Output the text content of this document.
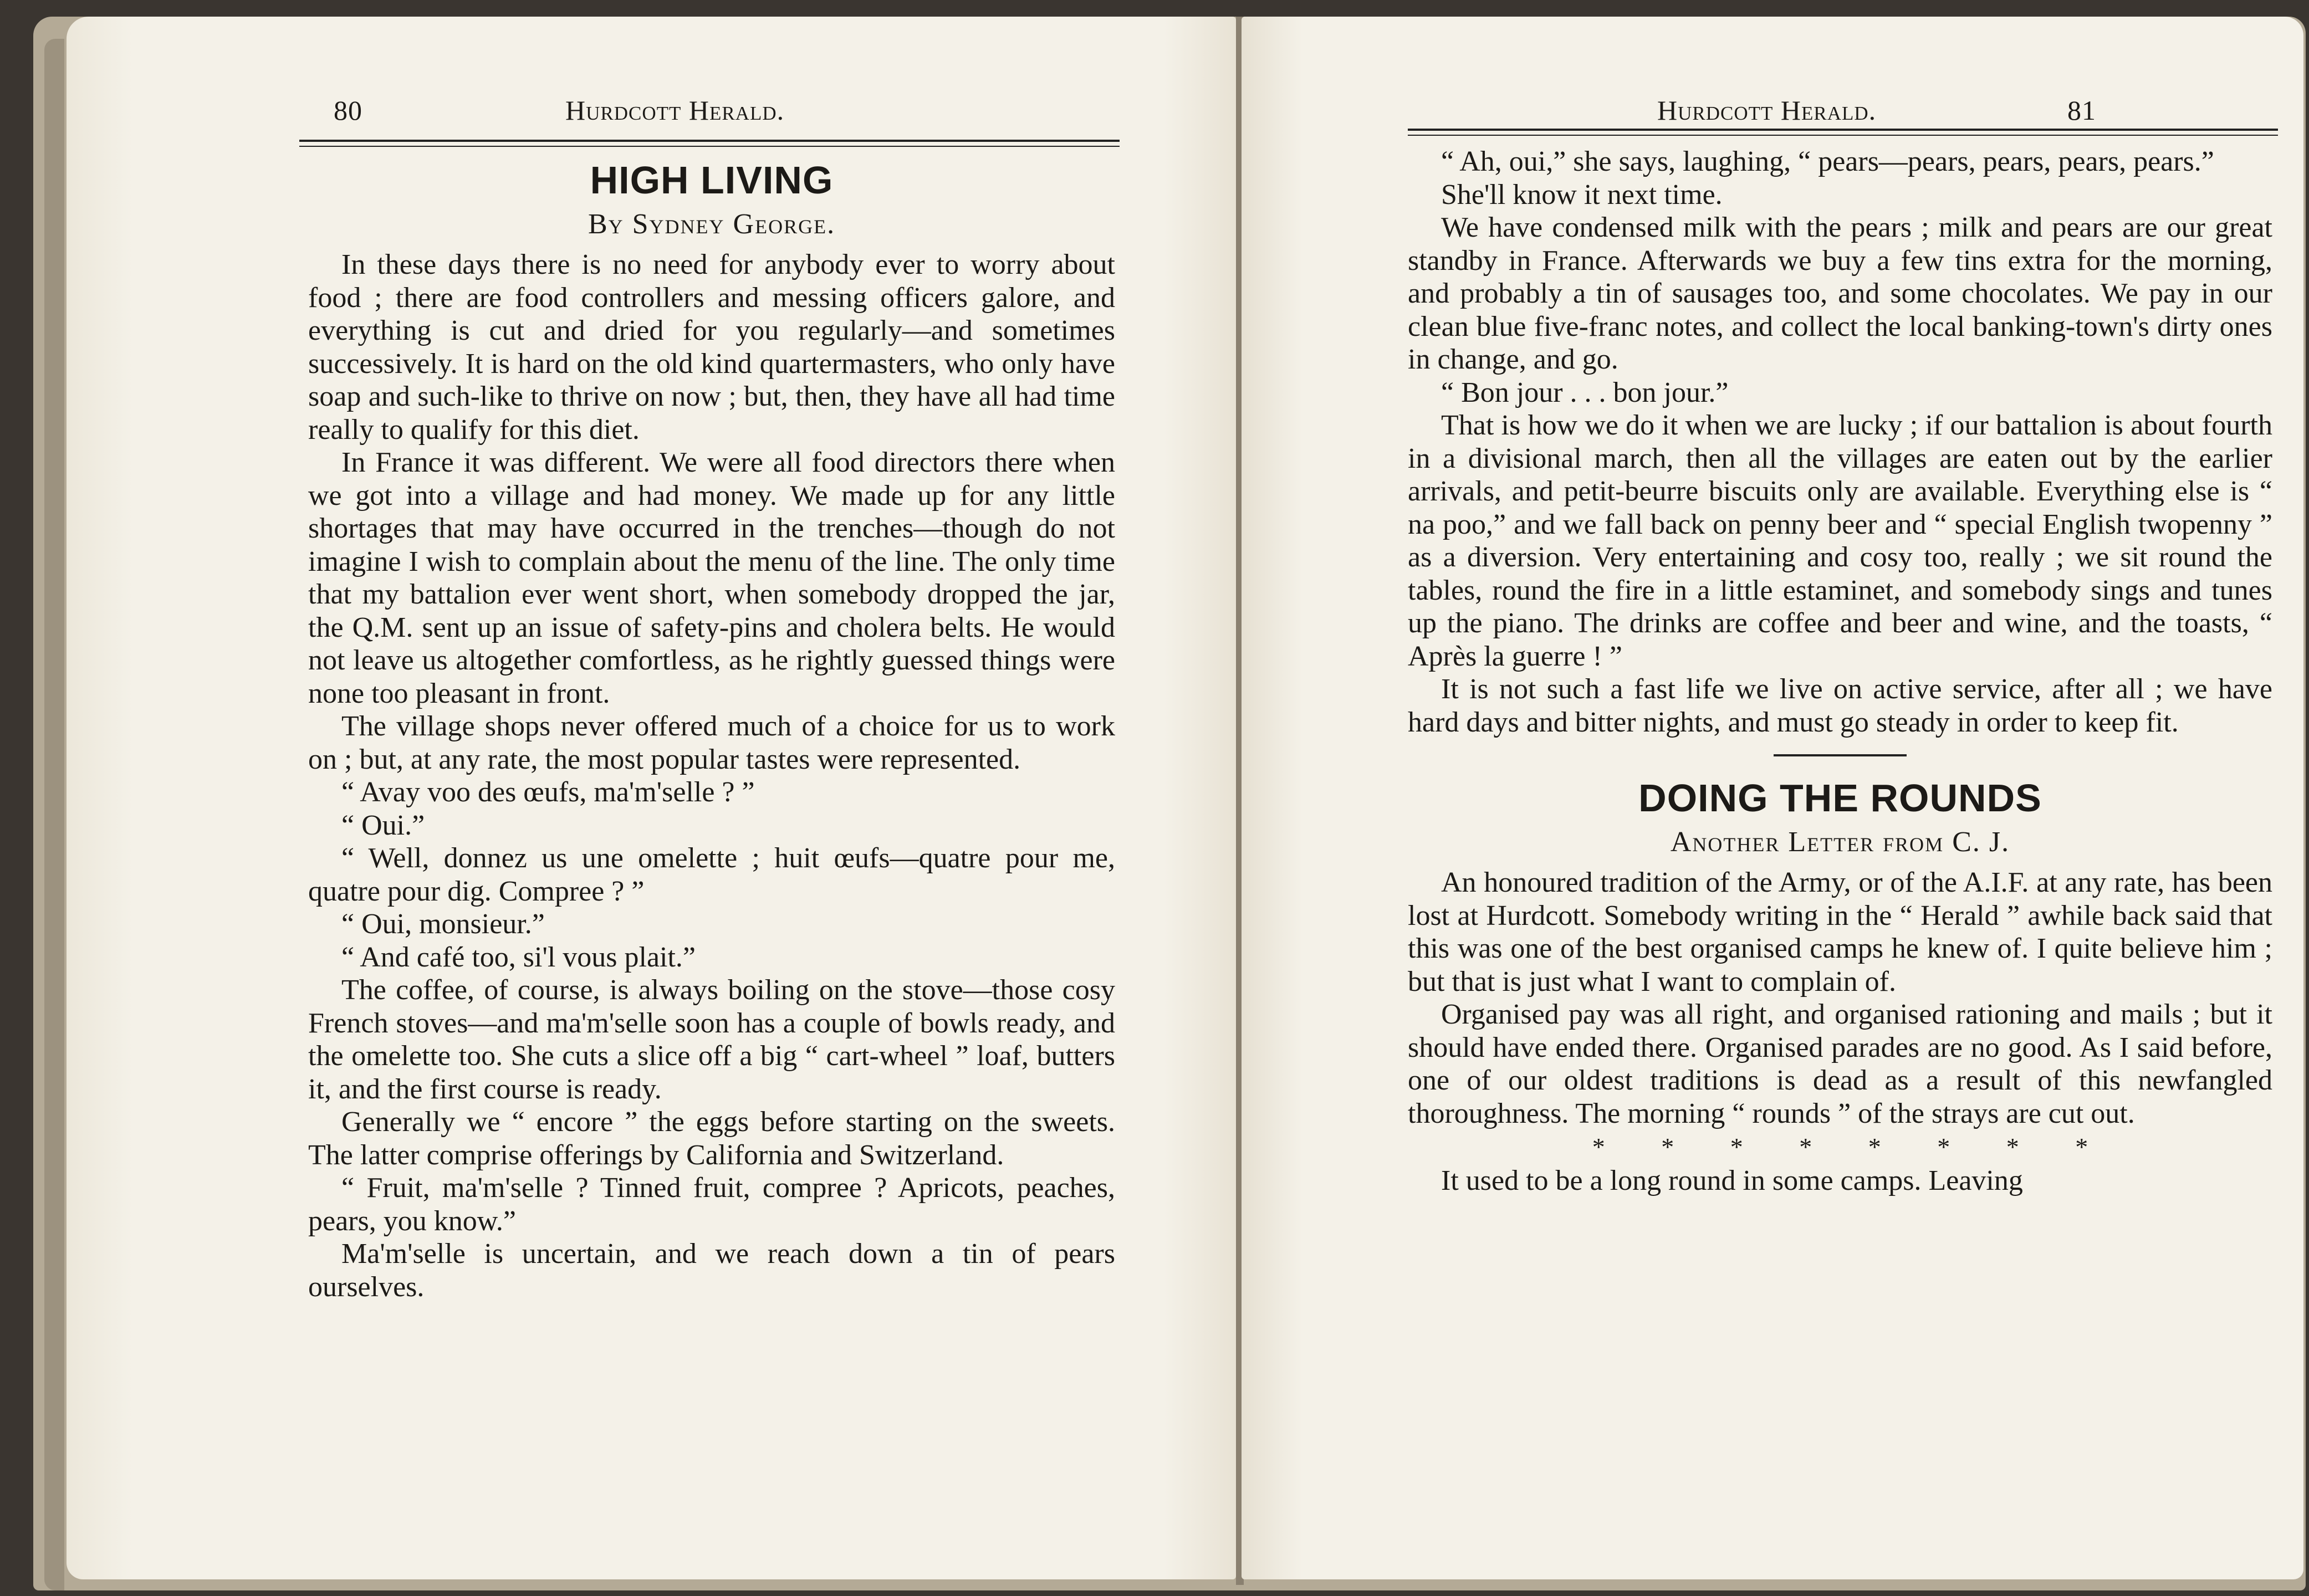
80	Hurdcott Herald.
HIGH LIVING
By Sydney George.

In these days there is no need for anybody ever to worry about food ; there are food controllers and messing officers galore, and everything is cut and dried for you regularly—and sometimes successively. It is hard on the old kind quartermasters, who only have soap and such-like to thrive on now ; but, then, they have all had time really to qualify for this diet.

In France it was different. We were all food directors there when we got into a village and had money. We made up for any little shortages that may have occurred in the trenches—though do not imagine I wish to complain about the menu of the line. The only time that my battalion ever went short, when somebody dropped the jar, the Q.M. sent up an issue of safety-pins and cholera belts. He would not leave us altogether comfortless, as he rightly guessed things were none too pleasant in front.

The village shops never offered much of a choice for us to work on ; but, at any rate, the most popular tastes were represented.

“ Avay voo des œufs, ma'm'selle ? ”

“ Oui.”

“ Well, donnez us une omelette ; huit œufs—quatre pour me, quatre pour dig. Compree ? ”

“ Oui, monsieur.”

“ And café too, si'l vous plait.”

The coffee, of course, is always boiling on the stove—those cosy French stoves—and ma'm'selle soon has a couple of bowls ready, and the omelette too. She cuts a slice off a big “ cart-wheel ” loaf, butters it, and the first course is ready.

Generally we “ encore ” the eggs before starting on the sweets. The latter comprise offerings by California and Switzerland.

“ Fruit, ma'm'selle ? Tinned fruit, compree ? Apricots, peaches, pears, you know.”

Ma'm'selle is uncertain, and we reach down a tin of pears ourselves.

Hurdcott Herald.	81

“ Ah, oui,” she says, laughing, “ pears—pears, pears, pears, pears.”

She'll know it next time.

We have condensed milk with the pears ; milk and pears are our great standby in France. Afterwards we buy a few tins extra for the morning, and probably a tin of sausages too, and some chocolates. We pay in our clean blue five-franc notes, and collect the local banking-town's dirty ones in change, and go.

“ Bon jour . . . bon jour.”

That is how we do it when we are lucky ; if our battalion is about fourth in a divisional march, then all the villages are eaten out by the earlier arrivals, and petit-beurre biscuits only are available. Everything else is “ na poo,” and we fall back on penny beer and “ special English twopenny ” as a diversion. Very entertaining and cosy too, really ; we sit round the tables, round the fire in a little estaminet, and somebody sings and tunes up the piano. The drinks are coffee and beer and wine, and the toasts, “ Après la guerre ! ”

It is not such a fast life we live on active service, after all ; we have hard days and bitter nights, and must go steady in order to keep fit.

DOING THE ROUNDS
Another Letter from C. J.

An honoured tradition of the Army, or of the A.I.F. at any rate, has been lost at Hurdcott. Somebody writing in the “ Herald ” awhile back said that this was one of the best organised camps he knew of. I quite believe him ; but that is just what I want to complain of.

Organised pay was all right, and organised rationing and mails ; but it should have ended there. Organised parades are no good. As I said before, one of our oldest traditions is dead as a result of this newfangled thoroughness. The morning “ rounds ” of the strays are cut out.

* * * * * * * *

It used to be a long round in some camps. Leaving
